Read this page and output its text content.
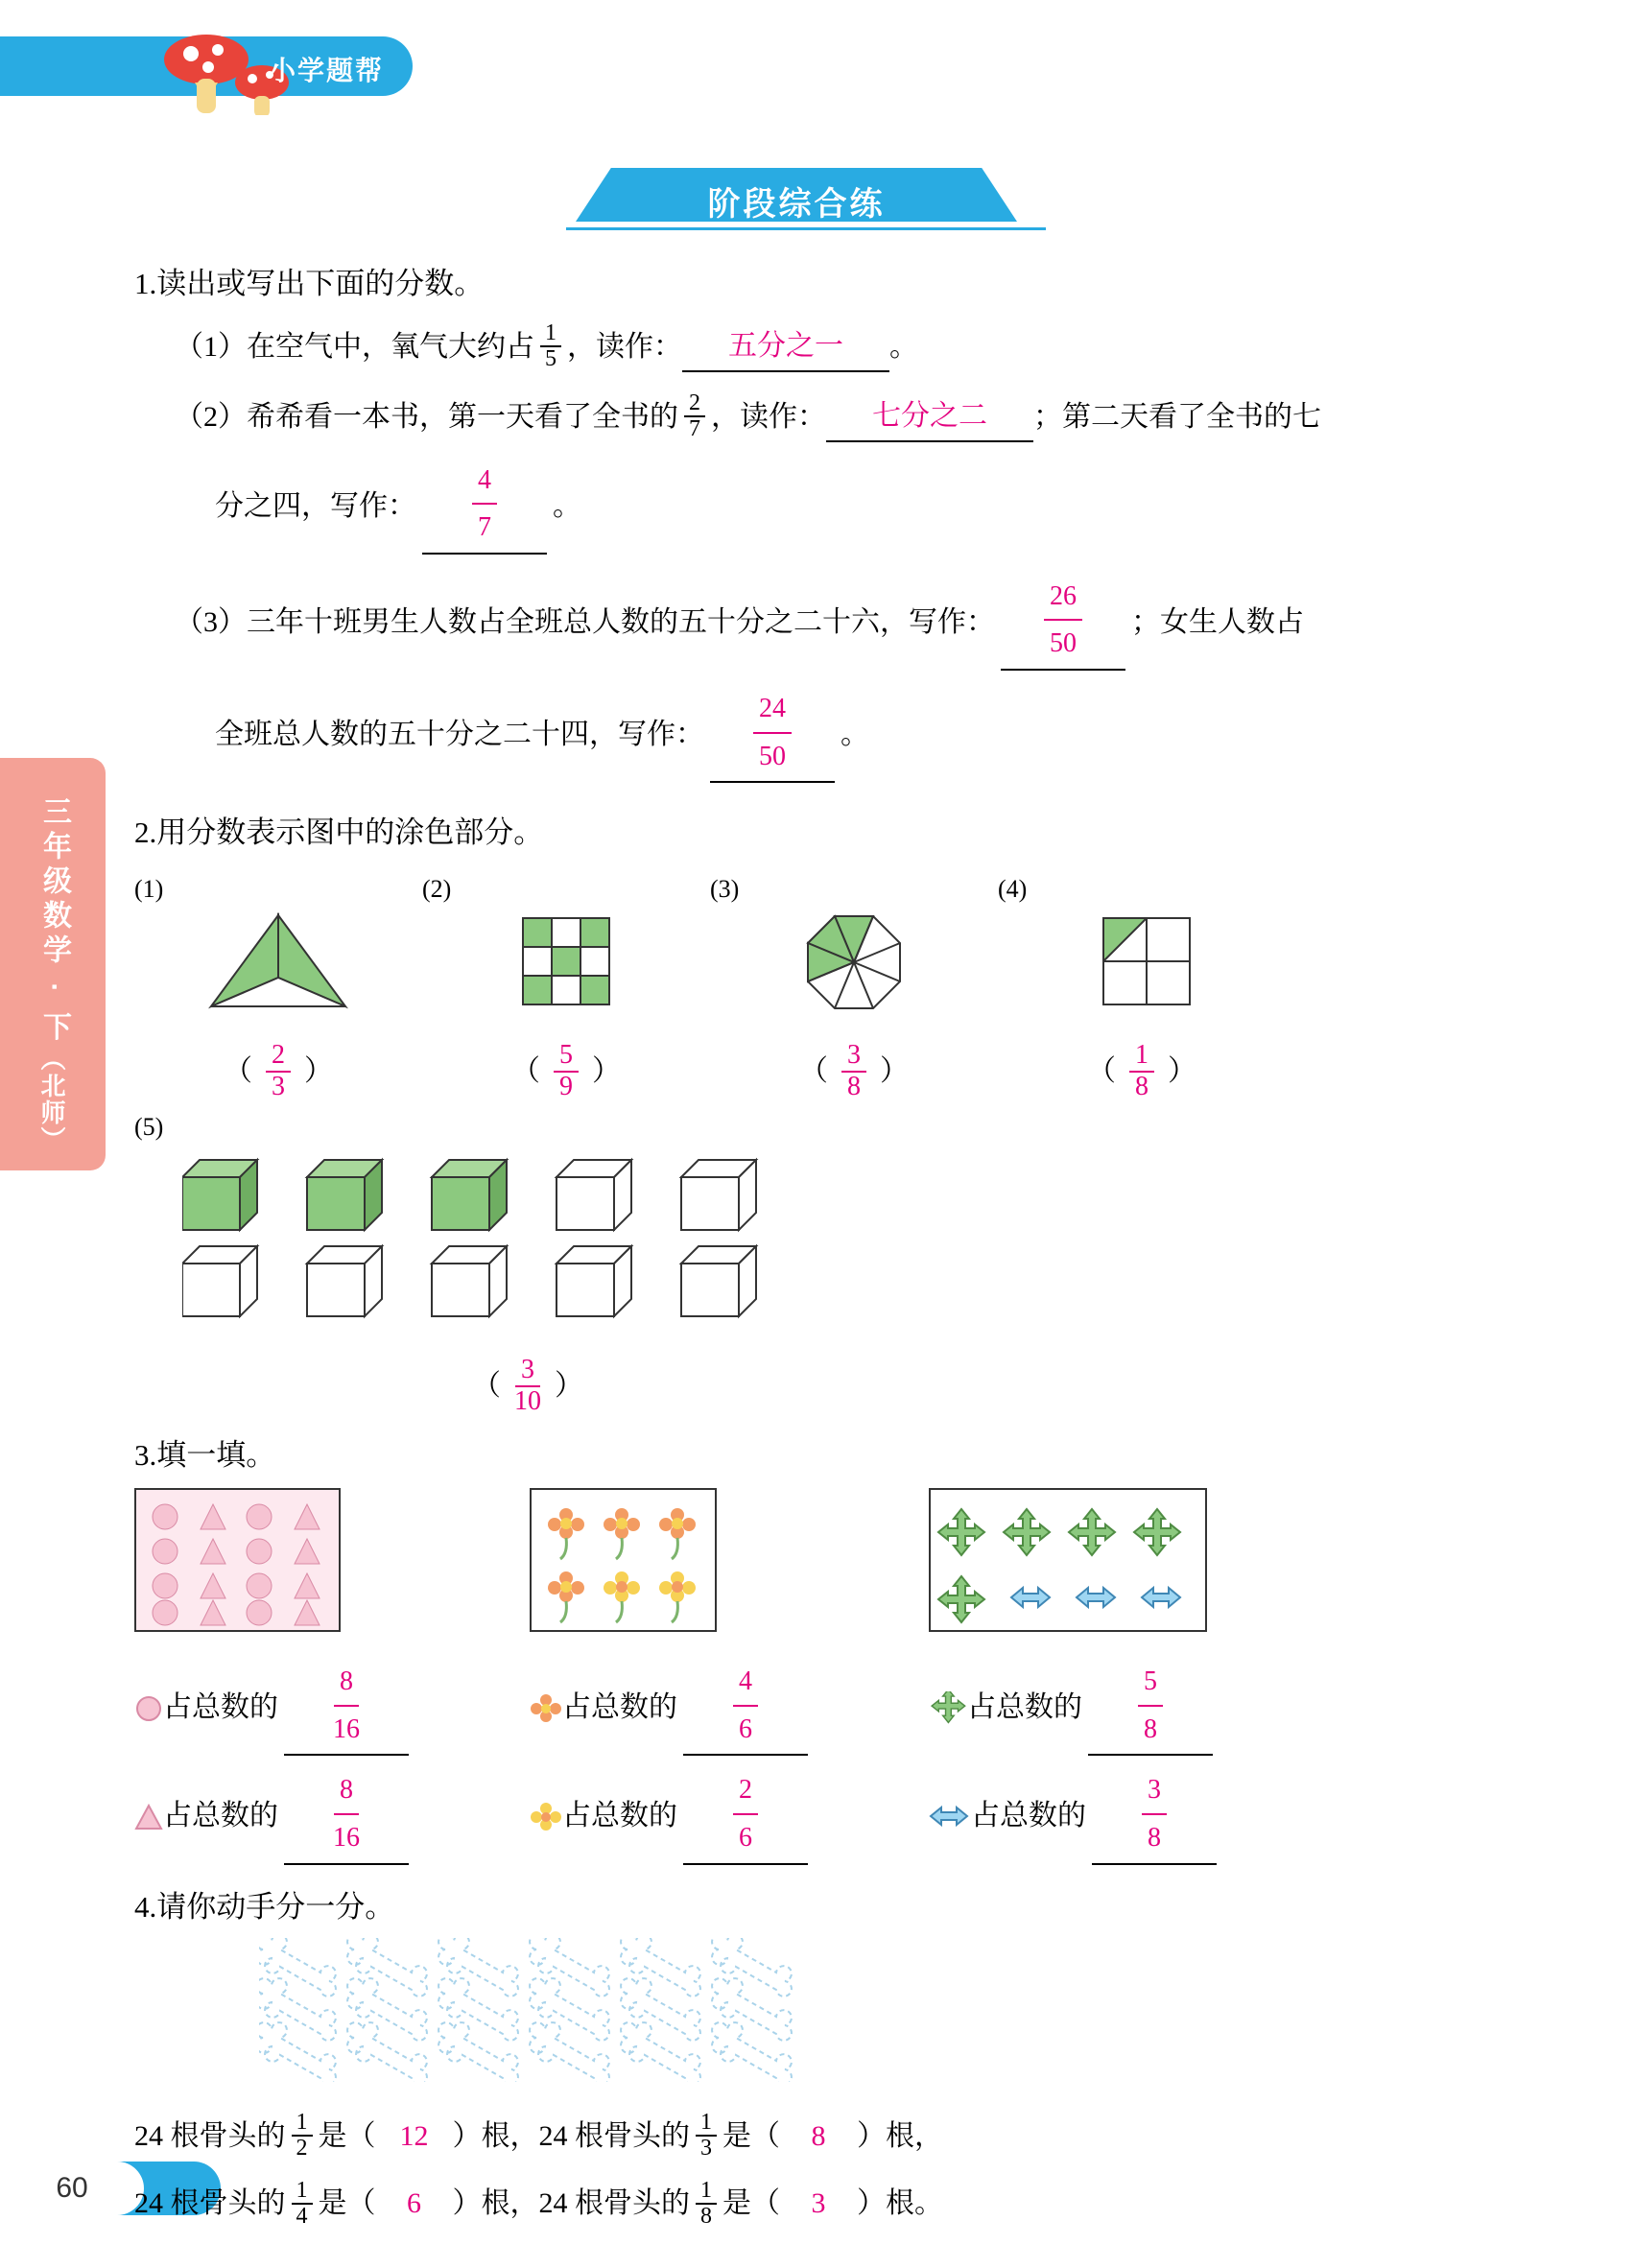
小学题帮
阶段综合练
三年级数学 · 下
（北师）
60
1.读出或写出下面的分数。
（1）在空气中，氧气大约占 $\frac{1}{5}$ ，读作：	五分之一	。
（2）希希看一本书，第一天看了全书的 $\frac{2}{7}$ ，读作：	七分之二	；第二天看了全书的七
分之四，写作： $\frac{4}{7}$ 。
（3）三年十班男生人数占全班总人数的五十分之二十六，写作： $\frac{26}{50}$ ；女生人数占
全班总人数的五十分之二十四，写作： $\frac{24}{50}$ 。
2.用分数表示图中的涂色部分。
(1)
（ $\frac{2}{3}$ ）
(2)
（ $\frac{5}{9}$ ）
(3)
（ $\frac{3}{8}$ ）
(4)
（ $\frac{1}{8}$ ）
(5)
（ $\frac{3}{10}$ ）
3.填一填。
占总数的 $\frac{8}{16}$
占总数的 $\frac{8}{16}$
占总数的 $\frac{4}{6}$
占总数的 $\frac{2}{6}$
占总数的 $\frac{5}{8}$
占总数的 $\frac{3}{8}$
4.请你动手分一分。
24 根骨头的 $\frac{1}{2}$ 是（ 12 ）根， 24 根骨头的 $\frac{1}{3}$ 是（	8	）根，
24 根骨头的 $\frac{1}{4}$ 是（	6	）根， 24 根骨头的 $\frac{1}{8}$ 是（	3	）根。
